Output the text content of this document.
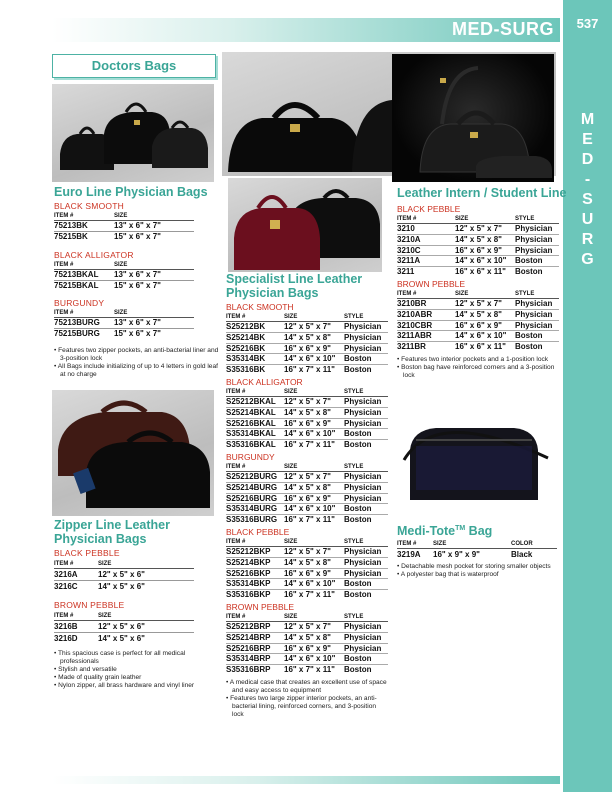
MED-SURG	537
M
E
D
-
S
U
R
G
Doctors Bags
Euro Line Physician Bags
BLACK SMOOTH
ITEM #	SIZE
75213BK	13" x 6" x 7"
75215BK	15" x 6" x 7"
BLACK ALLIGATOR
ITEM #	SIZE
75213BKAL	13" x 6" x 7"
75215BKAL	15" x 6" x 7"
BURGUNDY
ITEM #	SIZE
75213BURG	13" x 6" x 7"
75215BURG	15" x 6" x 7"
• Features two zipper pockets, an anti-bacterial liner and 3-position lock
• All Bags include initializing of up to 4 letters in gold leaf at no charge
Zipper Line Leather
Physician Bags
BLACK PEBBLE
ITEM #	SIZE
3216A	12" x 5" x 6"
3216C	14" x 5" x 6"
BROWN PEBBLE
ITEM #	SIZE
3216B	12" x 5" x 6"
3216D	14" x 5" x 6"
• This spacious case is perfect for all medical professionals
• Stylish and versatile
• Made of quality grain leather
• Nylon zipper, all brass hardware and vinyl liner
Specialist Line Leather
Physician Bags
BLACK SMOOTH
ITEM #	SIZE	STYLE
S25212BK	12" x 5" x 7"	Physician
S25214BK	14" x 5" x 8"	Physician
S25216BK	16" x 6" x 9"	Physician
S35314BK	14" x 6" x 10"	Boston
S35316BK	16" x 7" x 11"	Boston
BLACK ALLIGATOR
ITEM #	SIZE	STYLE
S25212BKAL	12" x 5" x 7"	Physician
S25214BKAL	14" x 5" x 8"	Physician
S25216BKAL	16" x 6" x 9"	Physician
S35314BKAL	14" x 6" x 10"	Boston
S35316BKAL	16" x 7" x 11"	Boston
BURGUNDY
ITEM #	SIZE	STYLE
S25212BURG 12" x 5" x 7"	Physician
S25214BURG 14" x 5" x 8"	Physician
S25216BURG 16" x 6" x 9"	Physician
S35314BURG 14" x 6" x 10"	Boston
S35316BURG 16" x 7" x 11"	Boston
BLACK PEBBLE
ITEM #	SIZE	STYLE
S25212BKP	12" x 5" x 7"	Physician
S25214BKP	14" x 5" x 8"	Physician
S25216BKP	16" x 6" x 9"	Physician
S35314BKP	14" x 6" x 10"	Boston
S35316BKP	16" x 7" x 11"	Boston
BROWN PEBBLE
ITEM #	SIZE	STYLE
S25212BRP	12" x 5" x 7"	Physician
S25214BRP	14" x 5" x 8"	Physician
S25216BRP	16" x 6" x 9"	Physician
S35314BRP	14" x 6" x 10"	Boston
S35316BRP	16" x 7" x 11"	Boston
• A medical case that creates an excellent use of space and easy access to equipment
• Features two large zipper interior pockets, an anti-bacterial lining, reinforced corners, and 3-position lock
Leather Intern / Student Line
BLACK PEBBLE
ITEM #	SIZE	STYLE
3210	12" x 5" x 7"	Physician
3210A	14" x 5" x 8"	Physician
3210C	16" x 6" x 9"	Physician
3211A	14" x 6" x 10"	Boston
3211	16" x 6" x 11"	Boston
BROWN PEBBLE
ITEM #	SIZE	STYLE
3210BR	12" x 5" x 7"	Physician
3210ABR	14" x 5" x 8"	Physician
3210CBR	16" x 6" x 9"	Physician
3211ABR	14" x 6" x 10"	Boston
3211BR	16" x 6" x 11"	Boston
• Features two interior pockets and a 1-position lock
• Boston bag have reinforced corners and a 3-position lock
Medi-Tote™ Bag
ITEM #	SIZE	COLOR
3219A	16" x 9" x 9"	Black
• Detachable mesh pocket for storing smaller objects
• A polyester bag that is waterproof
